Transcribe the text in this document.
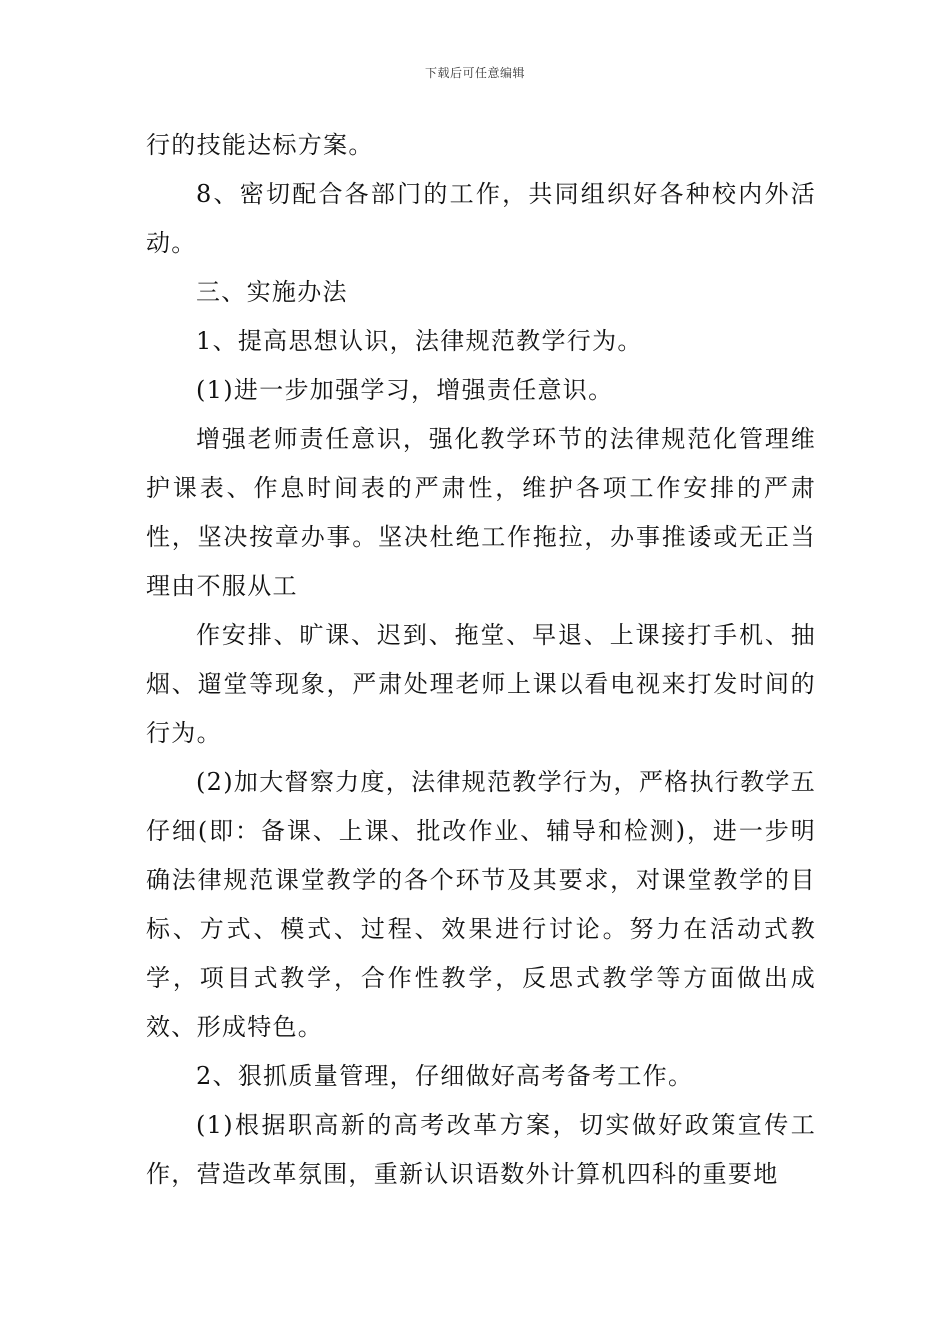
下载后可任意编辑

行的技能达标方案。

8、密切配合各部门的工作，共同组织好各种校内外活动。

三、实施办法

1、提高思想认识，法律规范教学行为。

(1)进一步加强学习，增强责任意识。

增强老师责任意识，强化教学环节的法律规范化管理维护课表、作息时间表的严肃性，维护各项工作安排的严肃性，坚决按章办事。坚决杜绝工作拖拉，办事推诿或无正当理由不服从工

作安排、旷课、迟到、拖堂、早退、上课接打手机、抽烟、遛堂等现象，严肃处理老师上课以看电视来打发时间的行为。

(2)加大督察力度，法律规范教学行为，严格执行教学五仔细(即：备课、上课、批改作业、辅导和检测)，进一步明确法律规范课堂教学的各个环节及其要求，对课堂教学的目标、方式、模式、过程、效果进行讨论。努力在活动式教学，项目式教学，合作性教学，反思式教学等方面做出成效、形成特色。

2、狠抓质量管理，仔细做好高考备考工作。

(1)根据职高新的高考改革方案，切实做好政策宣传工作，营造改革氛围，重新认识语数外计算机四科的重要地
